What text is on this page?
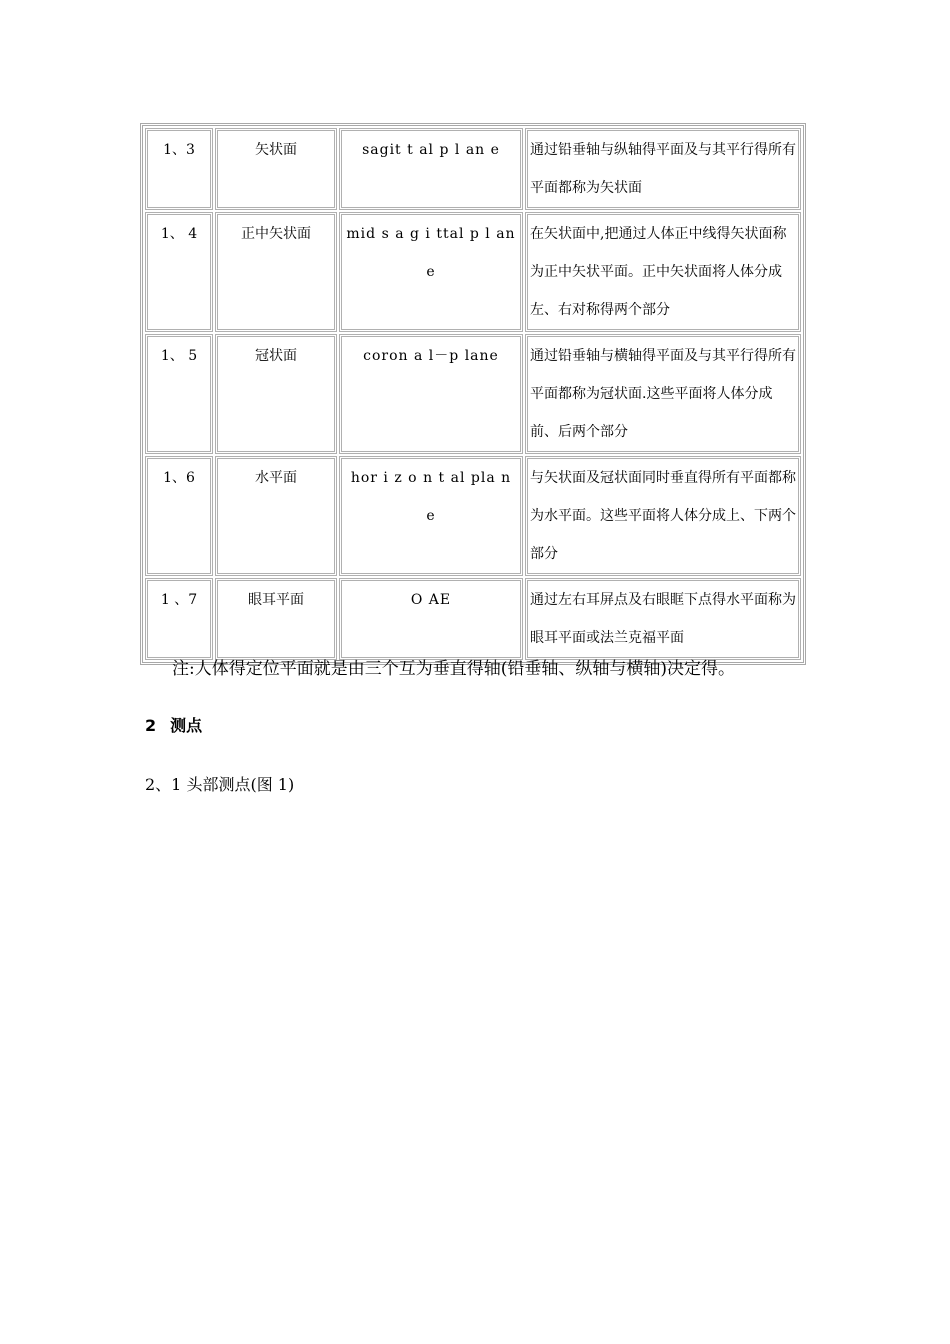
1、3	矢状面	sagit t al p l an e	通过铅垂轴与纵轴得平面及与其平行得所有平面都称为矢状面
1、 4	正中矢状面	mid s a g i ttal p l ane	在矢状面中,把通过人体正中线得矢状面称为正中矢状平面。正中矢状面将人体分成左、右对称得两个部分
1、 5	冠状面	coron a l－p lane	通过铅垂轴与横轴得平面及与其平行得所有平面都称为冠状面.这些平面将人体分成前、后两个部分
1、6	水平面	hor i z o n t al pla n e	与矢状面及冠状面同时垂直得所有平面都称为水平面。这些平面将人体分成上、下两个部分
1 、7	眼耳平面	O AE	通过左右耳屏点及右眼眶下点得水平面称为眼耳平面或法兰克福平面
注:人体得定位平面就是由三个互为垂直得轴(铅垂轴、纵轴与横轴)决定得。
2 测点
2、1 头部测点(图 1)
